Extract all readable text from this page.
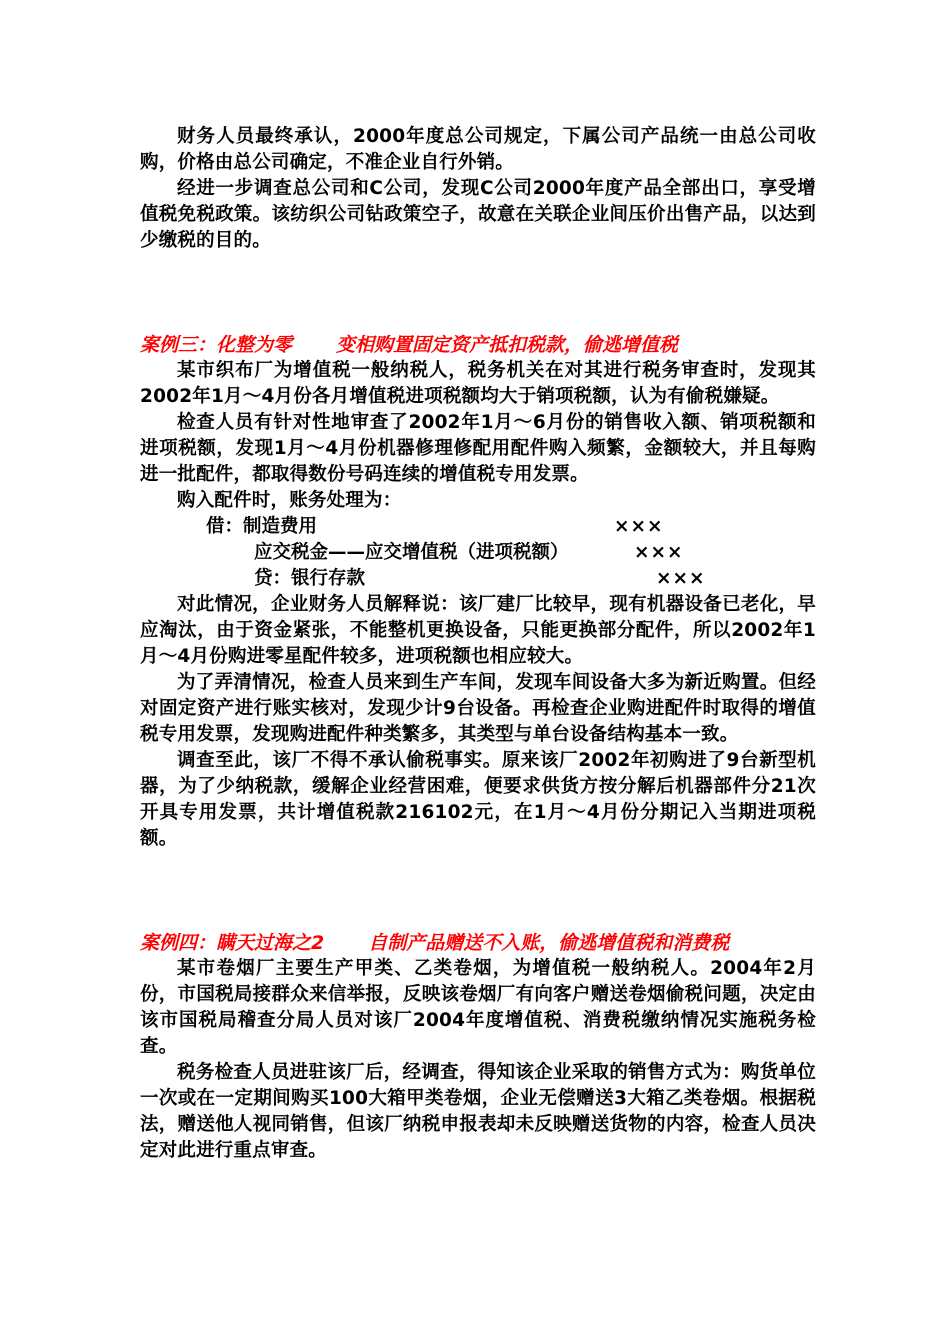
财务人员最终承认，2000年度总公司规定，下属公司产品统一由总公司收购，价格由总公司确定，不准企业自行外销。

经进一步调查总公司和C公司，发现C公司2000年度产品全部出口，享受增值税免税政策。该纺织公司钻政策空子，故意在关联企业间压价出售产品，以达到少缴税的目的。

案例三：化整为零 变相购置固定资产抵扣税款，偷逃增值税

某市织布厂为增值税一般纳税人，税务机关在对其进行税务审查时，发现其2002年1月～4月份各月增值税进项税额均大于销项税额，认为有偷税嫌疑。

检查人员有针对性地审查了2002年1月～6月份的销售收入额、销项税额和进项税额，发现1月～4月份机器修理修配用配件购入频繁，金额较大，并且每购进一批配件，都取得数份号码连续的增值税专用发票。

购入配件时，账务处理为：

借：制造费用	×××
应交税金——应交增值税（进项税额）	×××
贷：银行存款	×××

对此情况，企业财务人员解释说：该厂建厂比较早，现有机器设备已老化，早应淘汰，由于资金紧张，不能整机更换设备，只能更换部分配件，所以2002年1月～4月份购进零星配件较多，进项税额也相应较大。

为了弄清情况，检查人员来到生产车间，发现车间设备大多为新近购置。但经对固定资产进行账实核对，发现少计9台设备。再检查企业购进配件时取得的增值税专用发票，发现购进配件种类繁多，其类型与单台设备结构基本一致。

调查至此，该厂不得不承认偷税事实。原来该厂2002年初购进了9台新型机器，为了少纳税款，缓解企业经营困难，便要求供货方按分解后机器部件分21次开具专用发票，共计增值税款216102元，在1月～4月份分期记入当期进项税额。

案例四：瞒天过海之2 自制产品赠送不入账，偷逃增值税和消费税

某市卷烟厂主要生产甲类、乙类卷烟，为增值税一般纳税人。2004年2月份，市国税局接群众来信举报，反映该卷烟厂有向客户赠送卷烟偷税问题，决定由该市国税局稽查分局人员对该厂2004年度增值税、消费税缴纳情况实施税务检查。

税务检查人员进驻该厂后，经调查，得知该企业采取的销售方式为：购货单位一次或在一定期间购买100大箱甲类卷烟，企业无偿赠送3大箱乙类卷烟。根据税法，赠送他人视同销售，但该厂纳税申报表却未反映赠送货物的内容，检查人员决定对此进行重点审查。
